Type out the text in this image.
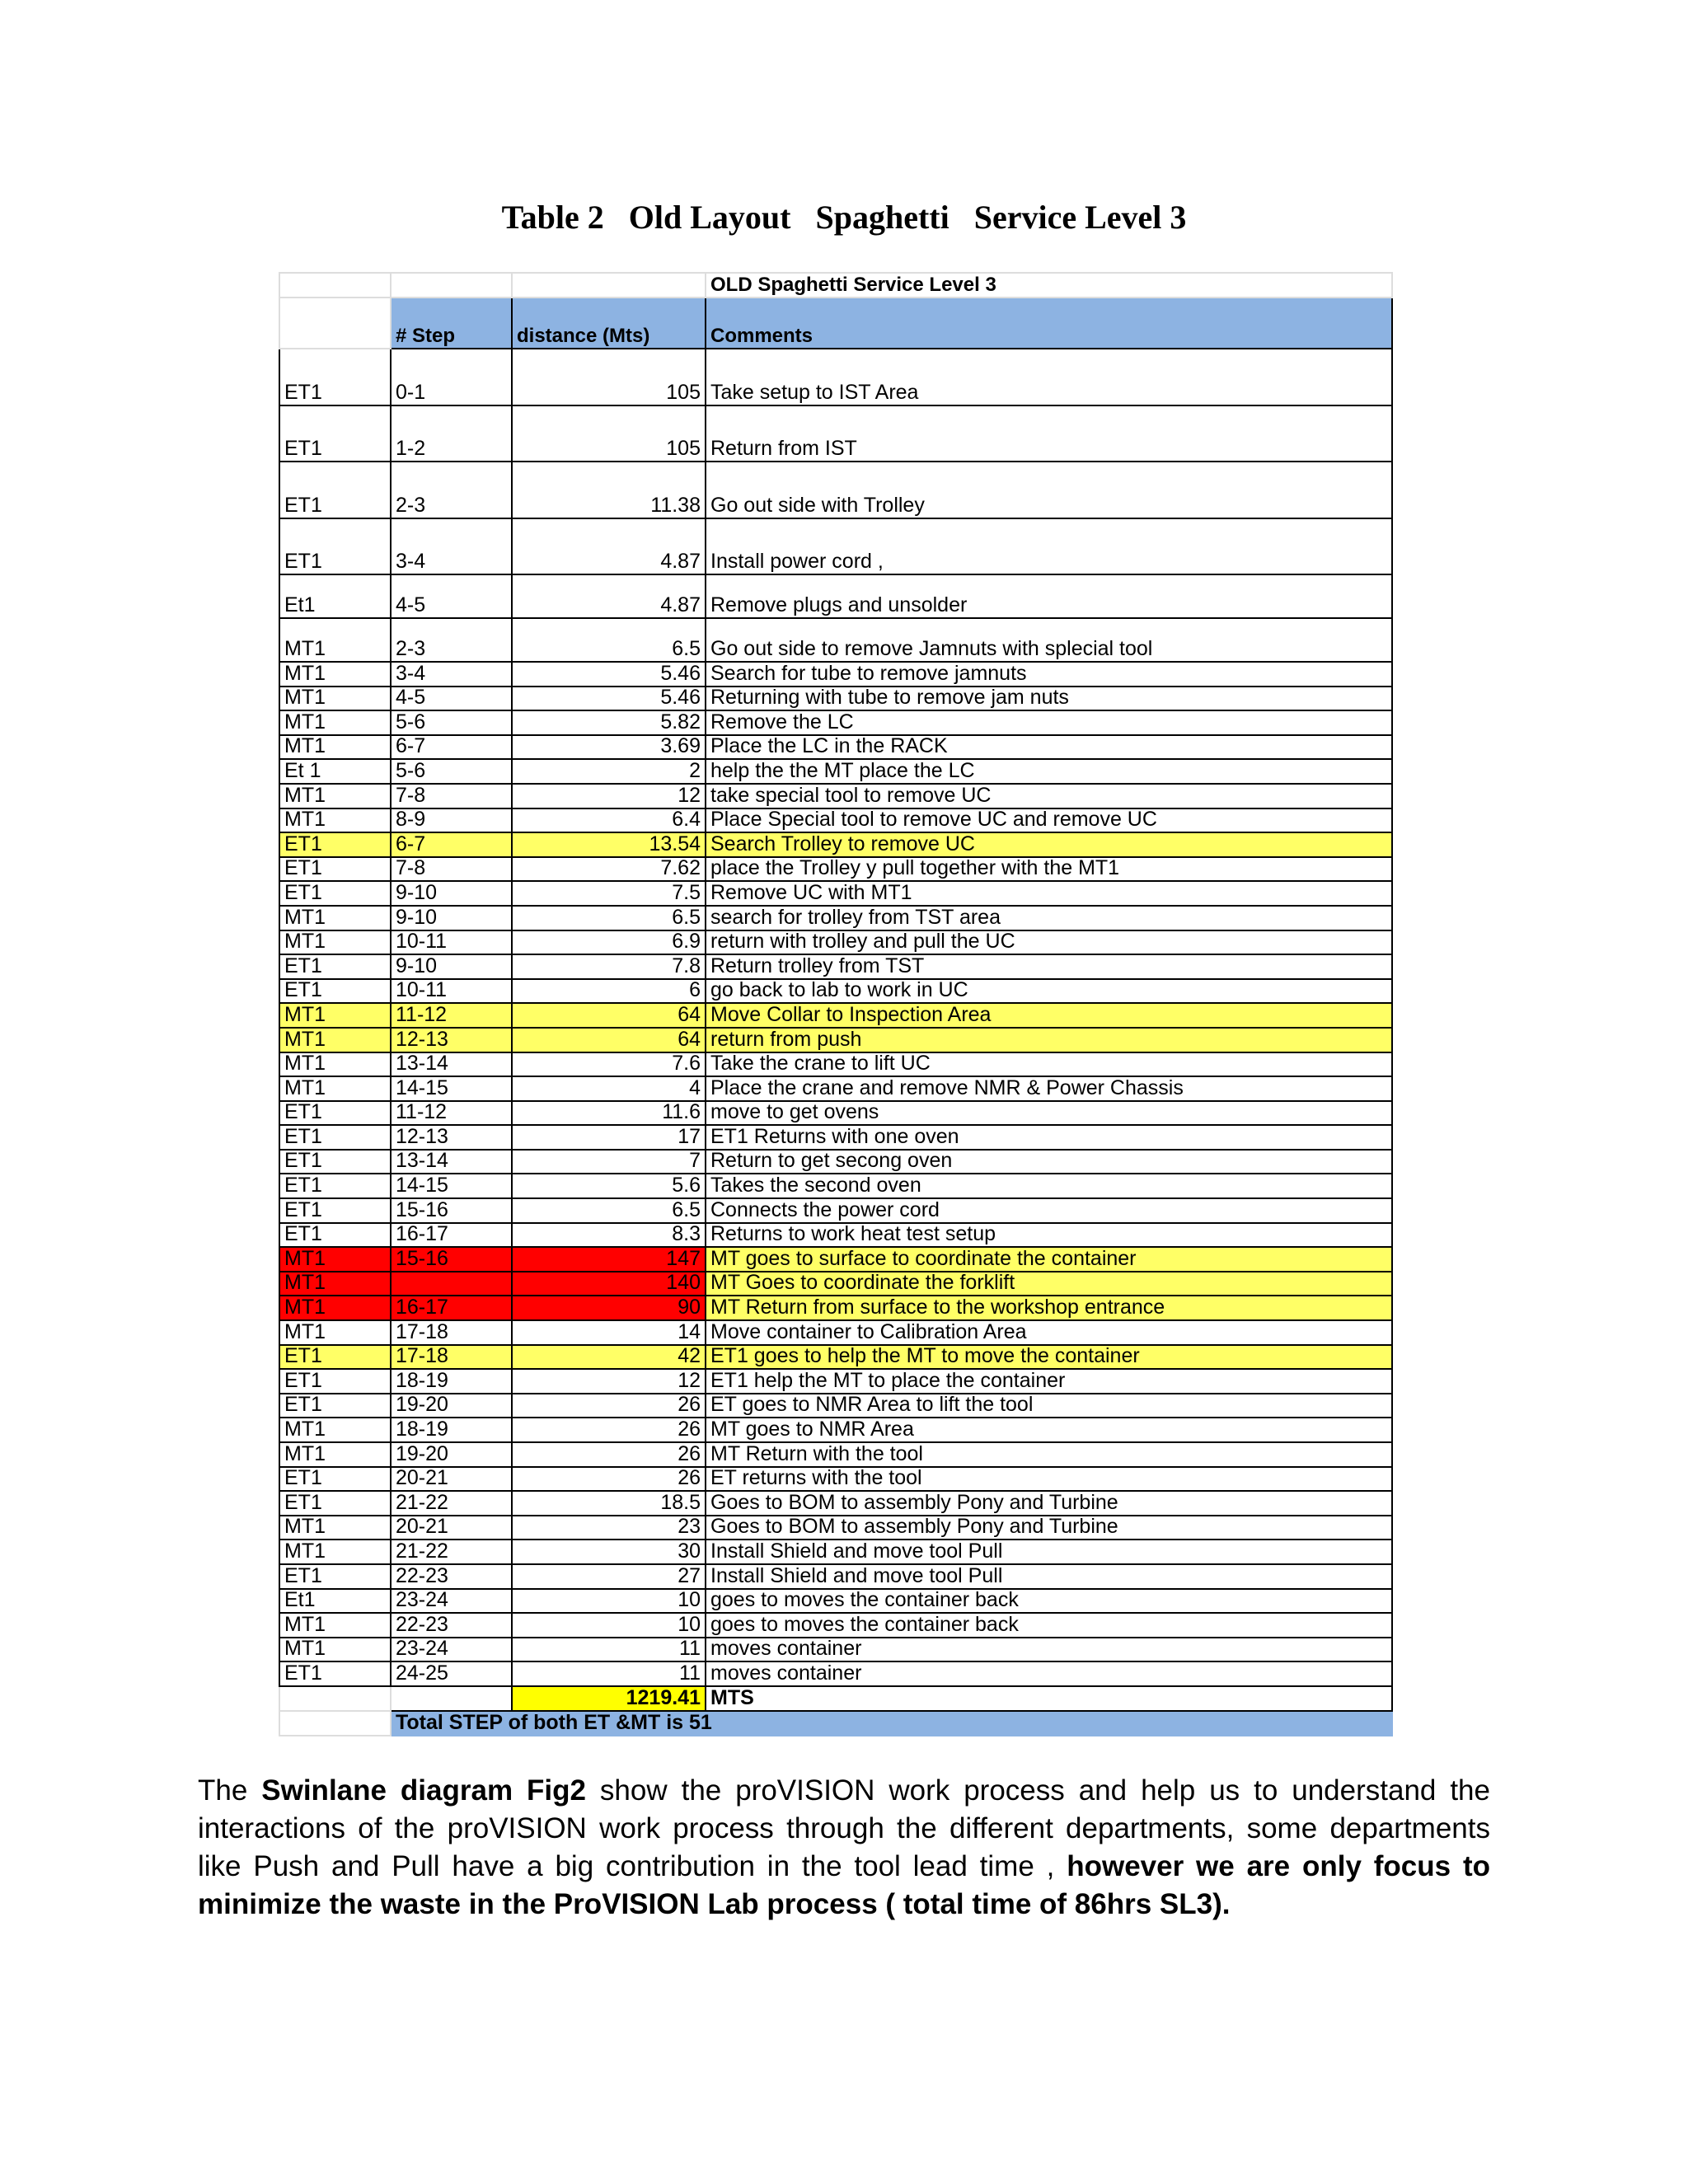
Table 2   Old Layout   Spaghetti   Service Level 3
			OLD Spaghetti Service Level 3
	# Step	distance (Mts)	Comments
ET1	0-1	105	Take setup to IST Area
ET1	1-2	105	Return from IST
ET1	2-3	11.38	Go out side with Trolley
ET1	3-4	4.87	Install power cord ,
Et1	4-5	4.87	Remove plugs and unsolder
MT1	2-3	6.5	Go out side to remove Jamnuts with splecial tool
MT1	3-4	5.46	Search for tube to remove jamnuts
MT1	4-5	5.46	Returning with tube to remove jam nuts
MT1	5-6	5.82	Remove the LC
MT1	6-7	3.69	Place the LC in the RACK
Et 1	5-6	2	help the the MT place the LC
MT1	7-8	12	take special tool to remove UC
MT1	8-9	6.4	Place Special tool to remove UC and remove UC
ET1	6-7	13.54	Search Trolley to remove UC
ET1	7-8	7.62	place the Trolley y pull together with the MT1
ET1	9-10	7.5	Remove UC with MT1
MT1	9-10	6.5	search for trolley from TST area
MT1	10-11	6.9	return with trolley and pull the UC
ET1	9-10	7.8	Return trolley from TST
ET1	10-11	6	go back to lab to work in UC
MT1	11-12	64	Move Collar to Inspection Area
MT1	12-13	64	return from push
MT1	13-14	7.6	Take the crane to lift UC
MT1	14-15	4	Place the crane and remove NMR & Power Chassis
ET1	11-12	11.6	move to get ovens
ET1	12-13	17	ET1 Returns with one oven
ET1	13-14	7	Return to get secong oven
ET1	14-15	5.6	Takes the second oven
ET1	15-16	6.5	Connects the power cord
ET1	16-17	8.3	Returns to work heat test setup
MT1	15-16	147	MT goes to surface to coordinate the container
MT1		140	MT Goes to coordinate the forklift
MT1	16-17	90	MT Return from surface to the workshop entrance
MT1	17-18	14	Move container to Calibration Area
ET1	17-18	42	ET1 goes to help the MT to move the container
ET1	18-19	12	ET1 help the MT to place the container
ET1	19-20	26	ET goes to NMR Area to lift the tool
MT1	18-19	26	MT goes to NMR Area
MT1	19-20	26	MT Return with the tool
ET1	20-21	26	ET returns with the tool
ET1	21-22	18.5	Goes to BOM to assembly Pony and Turbine
MT1	20-21	23	Goes to BOM to assembly Pony and Turbine
MT1	21-22	30	Install Shield and move tool Pull
ET1	22-23	27	Install Shield and move tool Pull
Et1	23-24	10	goes to moves the container back
MT1	22-23	10	goes to moves the container back
MT1	23-24	11	moves container
ET1	24-25	11	moves container
		1219.41	MTS
	Total STEP of both ET &MT is 51		
The Swinlane diagram Fig2 show the proVISION work process and help us to understand the interactions of the proVISION work process through the different departments, some departments like Push and Pull have a big contribution in the tool lead time , however we are only focus to minimize the waste in the ProVISION Lab process ( total time of 86hrs SL3).
